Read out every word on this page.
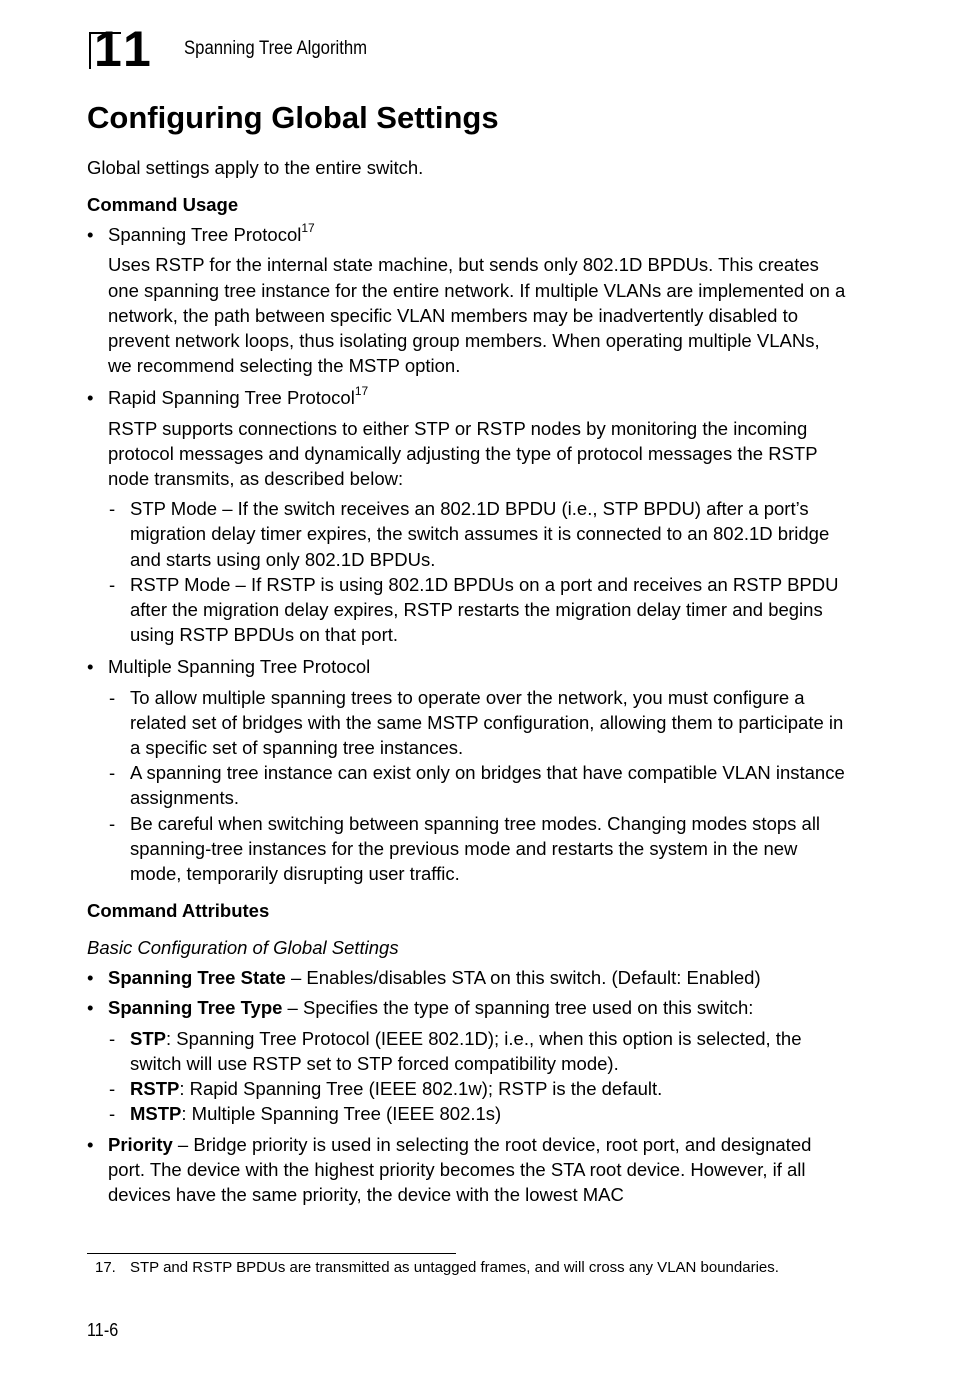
11 Spanning Tree Algorithm
Configuring Global Settings

Global settings apply to the entire switch.

Command Usage
• Spanning Tree Protocol$^{17}$

Uses RSTP for the internal state machine, but sends only 802.1D BPDUs. This creates one spanning tree instance for the entire network. If multiple VLANs are implemented on a network, the path between specific VLAN members may be inadvertently disabled to prevent network loops, thus isolating group members. When operating multiple VLANs, we recommend selecting the MSTP option.

• Rapid Spanning Tree Protocol$^{17}$

RSTP supports connections to either STP or RSTP nodes by monitoring the incoming protocol messages and dynamically adjusting the type of protocol messages the RSTP node transmits, as described below:

- STP Mode – If the switch receives an 802.1D BPDU (i.e., STP BPDU) after a port’s migration delay timer expires, the switch assumes it is connected to an 802.1D bridge and starts using only 802.1D BPDUs.
- RSTP Mode – If RSTP is using 802.1D BPDUs on a port and receives an RSTP BPDU after the migration delay expires, RSTP restarts the migration delay timer and begins using RSTP BPDUs on that port.
• Multiple Spanning Tree Protocol
- To allow multiple spanning trees to operate over the network, you must configure a related set of bridges with the same MSTP configuration, allowing them to participate in a specific set of spanning tree instances.
- A spanning tree instance can exist only on bridges that have compatible VLAN instance assignments.
- Be careful when switching between spanning tree modes. Changing modes stops all spanning-tree instances for the previous mode and restarts the system in the new mode, temporarily disrupting user traffic.
Command Attributes
Basic Configuration of Global Settings
• Spanning Tree State – Enables/disables STA on this switch. (Default: Enabled)
• Spanning Tree Type – Specifies the type of spanning tree used on this switch:
- STP: Spanning Tree Protocol (IEEE 802.1D); i.e., when this option is selected, the switch will use RSTP set to STP forced compatibility mode).
- RSTP: Rapid Spanning Tree (IEEE 802.1w); RSTP is the default.
- MSTP: Multiple Spanning Tree (IEEE 802.1s)
• Priority – Bridge priority is used in selecting the root device, root port, and designated port. The device with the highest priority becomes the STA root device. However, if all devices have the same priority, the device with the lowest MAC
17. STP and RSTP BPDUs are transmitted as untagged frames, and will cross any VLAN boundaries.
11-6
